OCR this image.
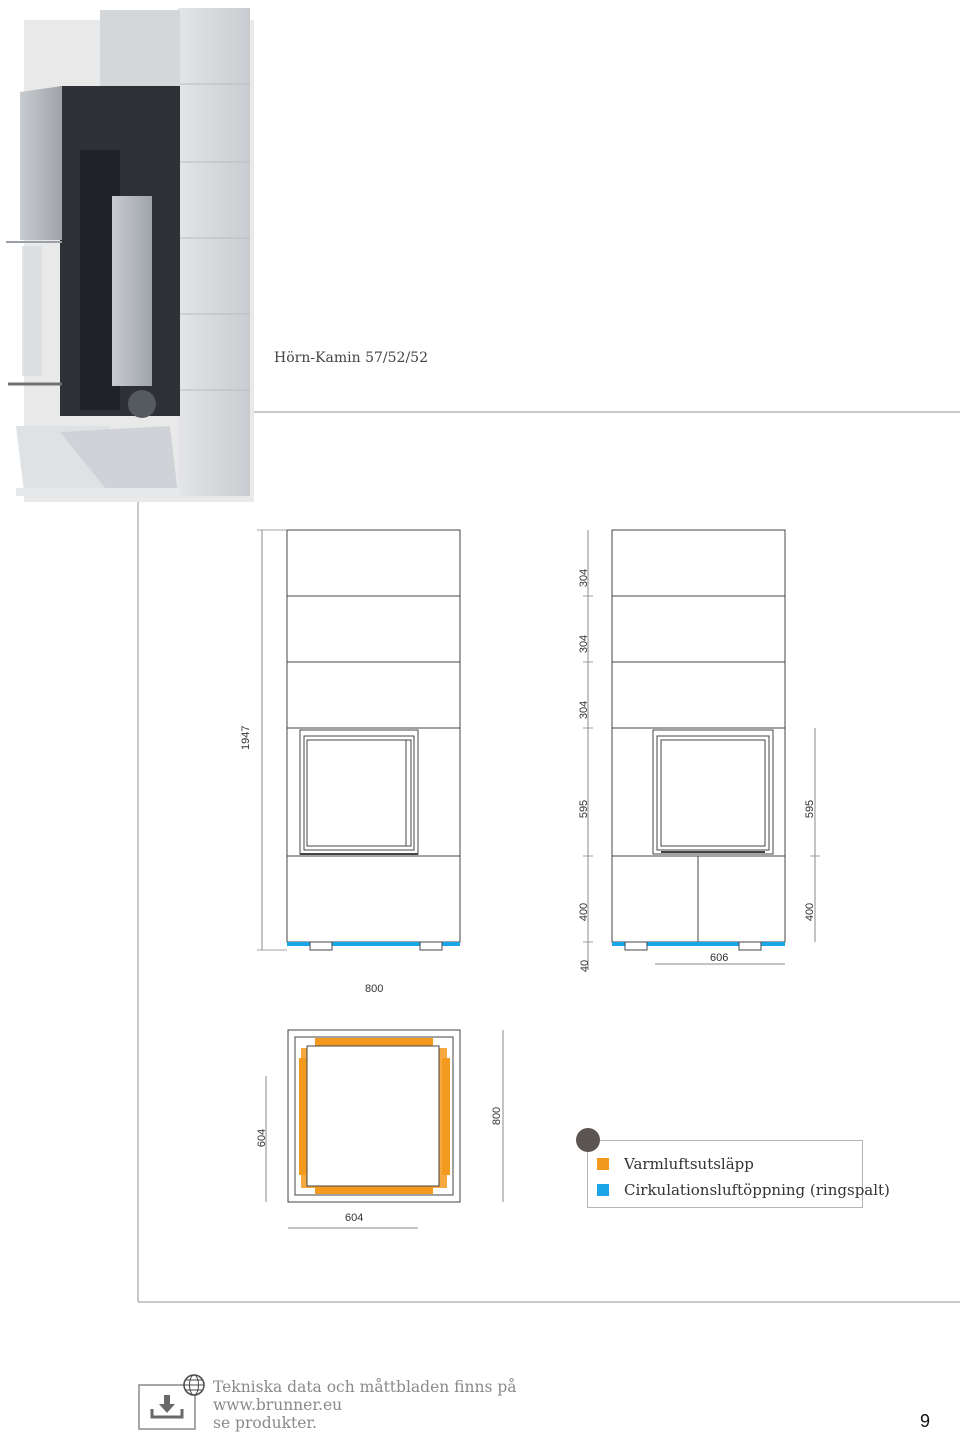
Hörn-Kamin 57/52/52
1947
304
304
304
595
400
40
595
400
606
800
604
800
604
Varmluftsutsläpp
Cirkulationsluftöppning (ringspalt)
Tekniska data och måttbladen finns på
www.brunner.eu
se produkter.	9
